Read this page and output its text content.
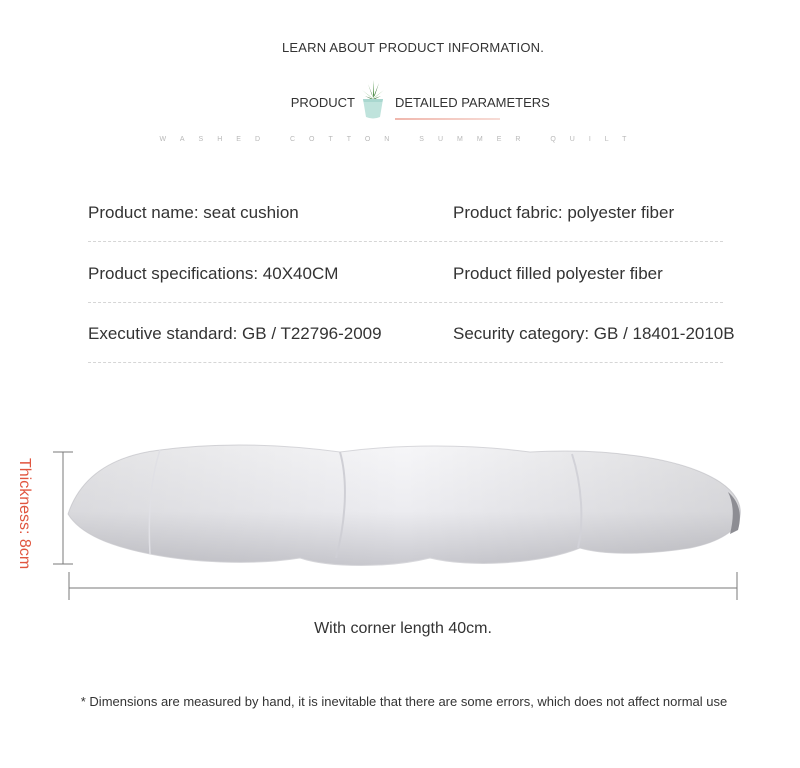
LEARN ABOUT PRODUCT INFORMATION.
PRODUCT	DETAILED PARAMETERS
WASHED COTTON SUMMER QUILT
Product name: seat cushion	Product fabric: polyester fiber
Product specifications: 40X40CM	Product filled polyester fiber
Executive standard: GB / T22796-2009	Security category: GB / 18401-2010B
Thickness: 8cm
With corner length 40cm.
* Dimensions are measured by hand, it is inevitable that there are some errors, which does not affect normal use
